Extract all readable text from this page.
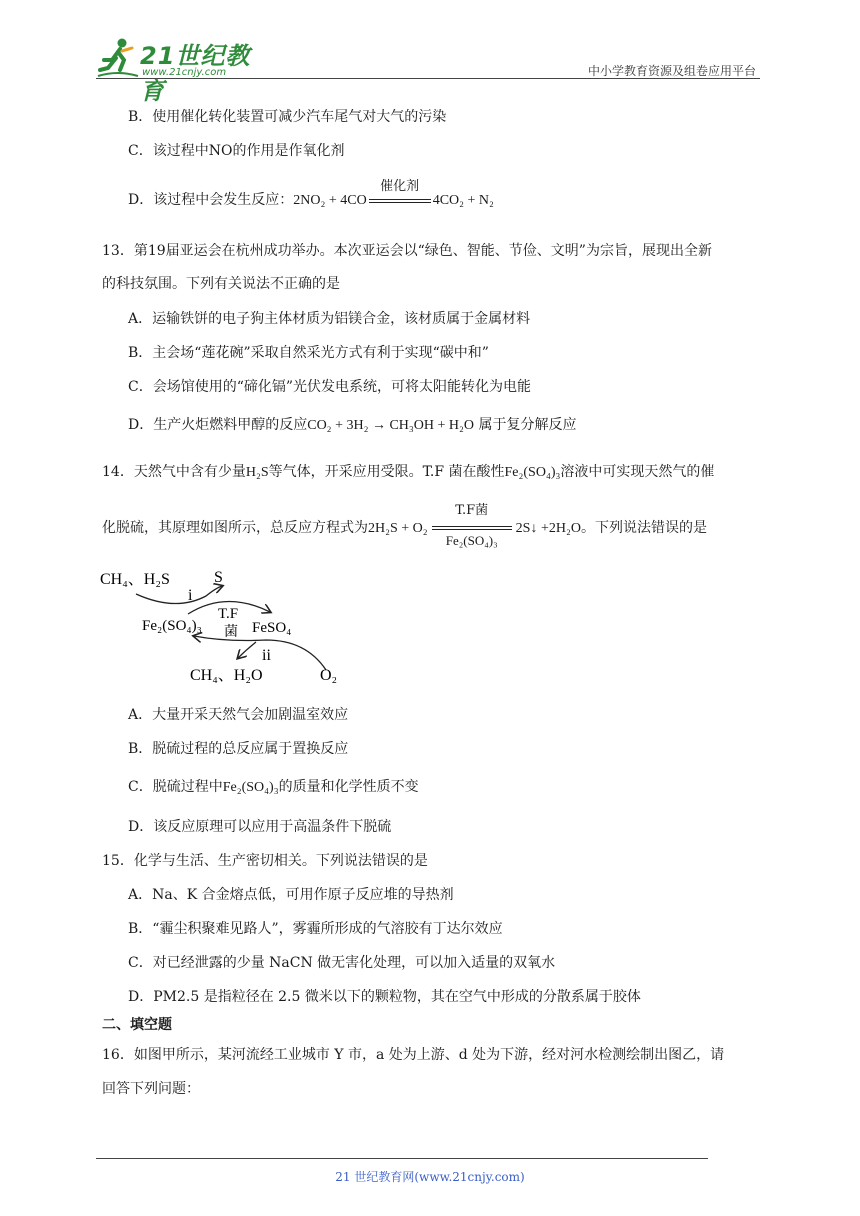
21世纪教育
www.21cnjy.com	中小学教育资源及组卷应用平台
B．使用催化转化装置可减少汽车尾气对大气的污染
C．该过程中NO的作用是作氧化剂
D．该过程中会发生反应：2NO₂ + 4CO
催化剂
4CO₂ + N₂
13．第19届亚运会在杭州成功举办。本次亚运会以“绿色、智能、节俭、文明”为宗旨，展现出全新
的科技氛围。下列有关说法不正确的是
A．运输铁饼的电子狗主体材质为铝镁合金，该材质属于金属材料
B．主会场“莲花碗”采取自然采光方式有利于实现“碳中和”
C．会场馆使用的“碲化镉”光伏发电系统，可将太阳能转化为电能
D．生产火炬燃料甲醇的反应CO₂ + 3H₂ → CH₃OH + H₂O 属于复分解反应
14．天然气中含有少量H₂S等气体，开采应用受限。T.F 菌在酸性Fe₂(SO₄)₃溶液中可实现天然气的催
化脱硫，其原理如图所示，总反应方程式为$2H_2S + O_2 \frac{\text{T.F菌}}{\text{Fe₂(SO₄)₃}}$ 2S↓ +2H₂O。下列说法错误的是
CH₄、H₂S	S
i
Fe₂(SO₄)₃
T.F
菌 FeSO₄
ii
CH₄、H₂O	O₂
A．大量开采天然气会加剧温室效应
B．脱硫过程的总反应属于置换反应
C．脱硫过程中Fe₂(SO₄)₃的质量和化学性质不变
D．该反应原理可以应用于高温条件下脱硫
15．化学与生活、生产密切相关。下列说法错误的是
A．Na、K 合金熔点低，可用作原子反应堆的导热剂
B．“霾尘积聚难见路人”，雾霾所形成的气溶胶有丁达尔效应
C．对已经泄露的少量 NaCN 做无害化处理，可以加入适量的双氧水
D．PM2.5 是指粒径在 2.5 微米以下的颗粒物，其在空气中形成的分散系属于胶体
二、填空题
16．如图甲所示，某河流经工业城市 Y 市，a 处为上游、d 处为下游，经对河水检测绘制出图乙，请
回答下列问题：
21 世纪教育网(www.21cnjy.com)
